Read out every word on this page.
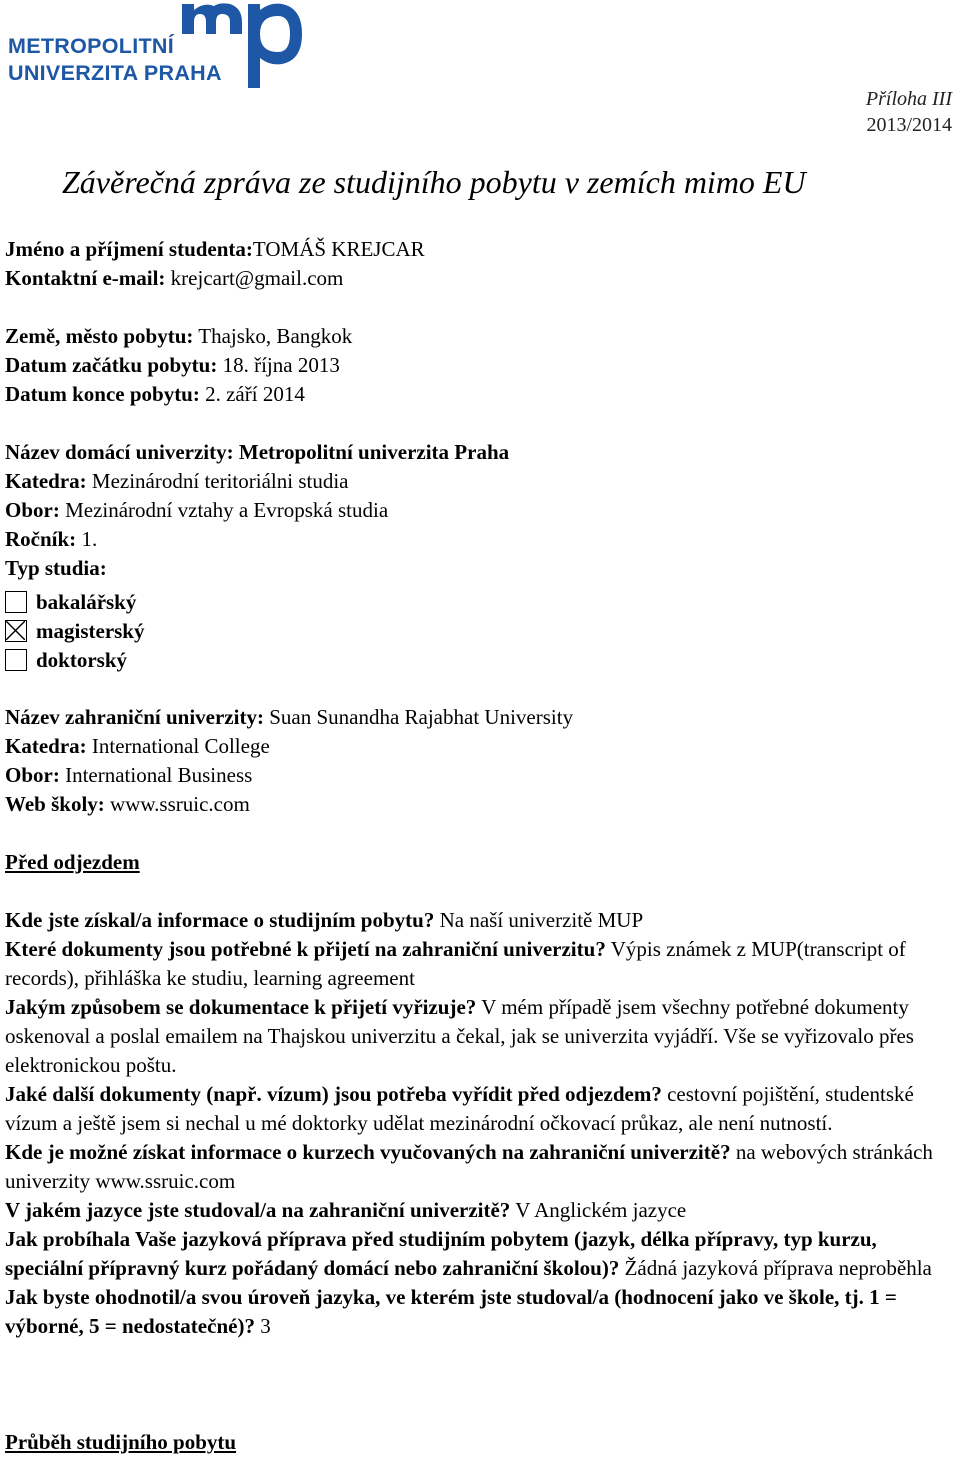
METROPOLITNÍ
UNIVERZITA PRAHA
Příloha III
2013/2014
Závěrečná zpráva ze studijního pobytu v zemích mimo EU
Jméno a příjmení studenta:TOMÁŠ KREJCAR
Kontaktní e-mail: krejcart@gmail.com
Země, město pobytu: Thajsko, Bangkok
Datum začátku pobytu: 18. října 2013
Datum konce pobytu: 2. září 2014
Název domácí univerzity: Metropolitní univerzita Praha
Katedra: Mezinárodní teritoriálni studia
Obor: Mezinárodní vztahy a Evropská studia
Ročník: 1.
Typ studia:
bakalářský
magisterský
doktorský
Název zahraniční univerzity: Suan Sunandha Rajabhat University
Katedra: International College
Obor: International Business
Web školy: www.ssruic.com
Před odjezdem

Kde jste získal/a informace o studijním pobytu? Na naší univerzitě MUP
Které dokumenty jsou potřebné k přijetí na zahraniční univerzitu? Výpis známek z MUP(transcript of records), přihláška ke studiu, learning agreement
Jakým způsobem se dokumentace k přijetí vyřizuje? V mém případě jsem všechny potřebné dokumenty oskenoval a poslal emailem na Thajskou univerzitu a čekal, jak se univerzita vyjádří. Vše se vyřizovalo přes elektronickou poštu.
Jaké další dokumenty (např. vízum) jsou potřeba vyřídit před odjezdem? cestovní pojištění, studentské vízum a ještě jsem si nechal u mé doktorky udělat mezinárodní očkovací průkaz, ale není nutností.
Kde je možné získat informace o kurzech vyučovaných na zahraniční univerzitě? na webových stránkách univerzity www.ssruic.com
V jakém jazyce jste studoval/a na zahraniční univerzitě? V Anglickém jazyce
Jak probíhala Vaše jazyková příprava před studijním pobytem (jazyk, délka přípravy, typ kurzu, speciální přípravný kurz pořádaný domácí nebo zahraniční školou)? Žádná jazyková příprava neproběhla
Jak byste ohodnotil/a svou úroveň jazyka, ve kterém jste studoval/a (hodnocení jako ve škole, tj. 1 = výborné, 5 = nedostatečné)? 3

Průběh studijního pobytu
